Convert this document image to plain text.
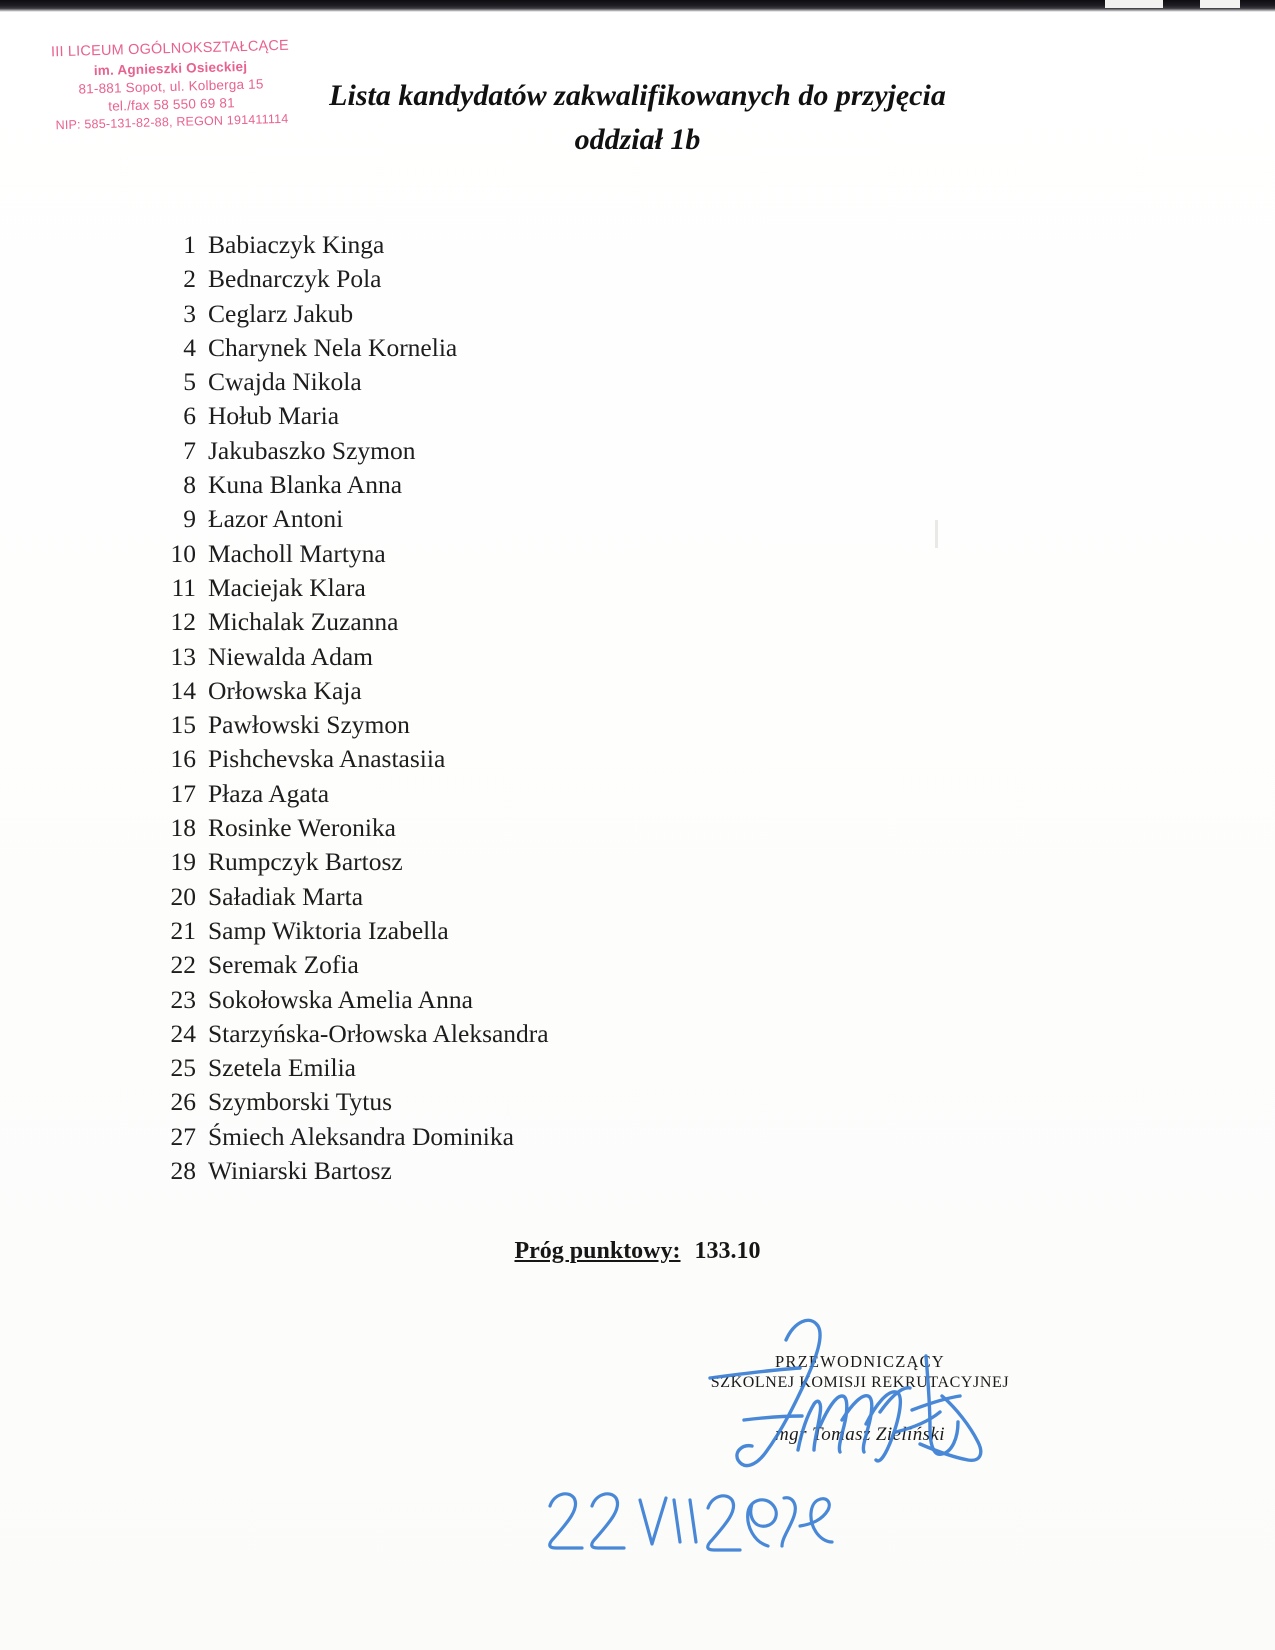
III LICEUM OGÓLNOKSZTAŁCĄCE
im. Agnieszki Osieckiej
81-881 Sopot, ul. Kolberga 15
tel./fax 58 550 69 81
NIP: 585-131-82-88, REGON 191411114
Lista kandydatów zakwalifikowanych do przyjęcia
oddział 1b
1 Babiaczyk Kinga
2 Bednarczyk Pola
3 Ceglarz Jakub
4 Charynek Nela Kornelia
5 Cwajda Nikola
6 Hołub Maria
7 Jakubaszko Szymon
8 Kuna Blanka Anna
9 Łazor Antoni
10 Macholl Martyna
11 Maciejak Klara
12 Michalak Zuzanna
13 Niewalda Adam
14 Orłowska Kaja
15 Pawłowski Szymon
16 Pishchevska Anastasiia
17 Płaza Agata
18 Rosinke Weronika
19 Rumpczyk Bartosz
20 Saładiak Marta
21 Samp Wiktoria Izabella
22 Seremak Zofia
23 Sokołowska Amelia Anna
24 Starzyńska-Orłowska Aleksandra
25 Szetela Emilia
26 Szymborski Tytus
27 Śmiech Aleksandra Dominika
28 Winiarski Bartosz
Próg punktowy: 133.10
PRZEWODNICZĄCY
SZKOLNEJ KOMISJI REKRUTACYJNEJ
mgr Tomasz Zieliński
